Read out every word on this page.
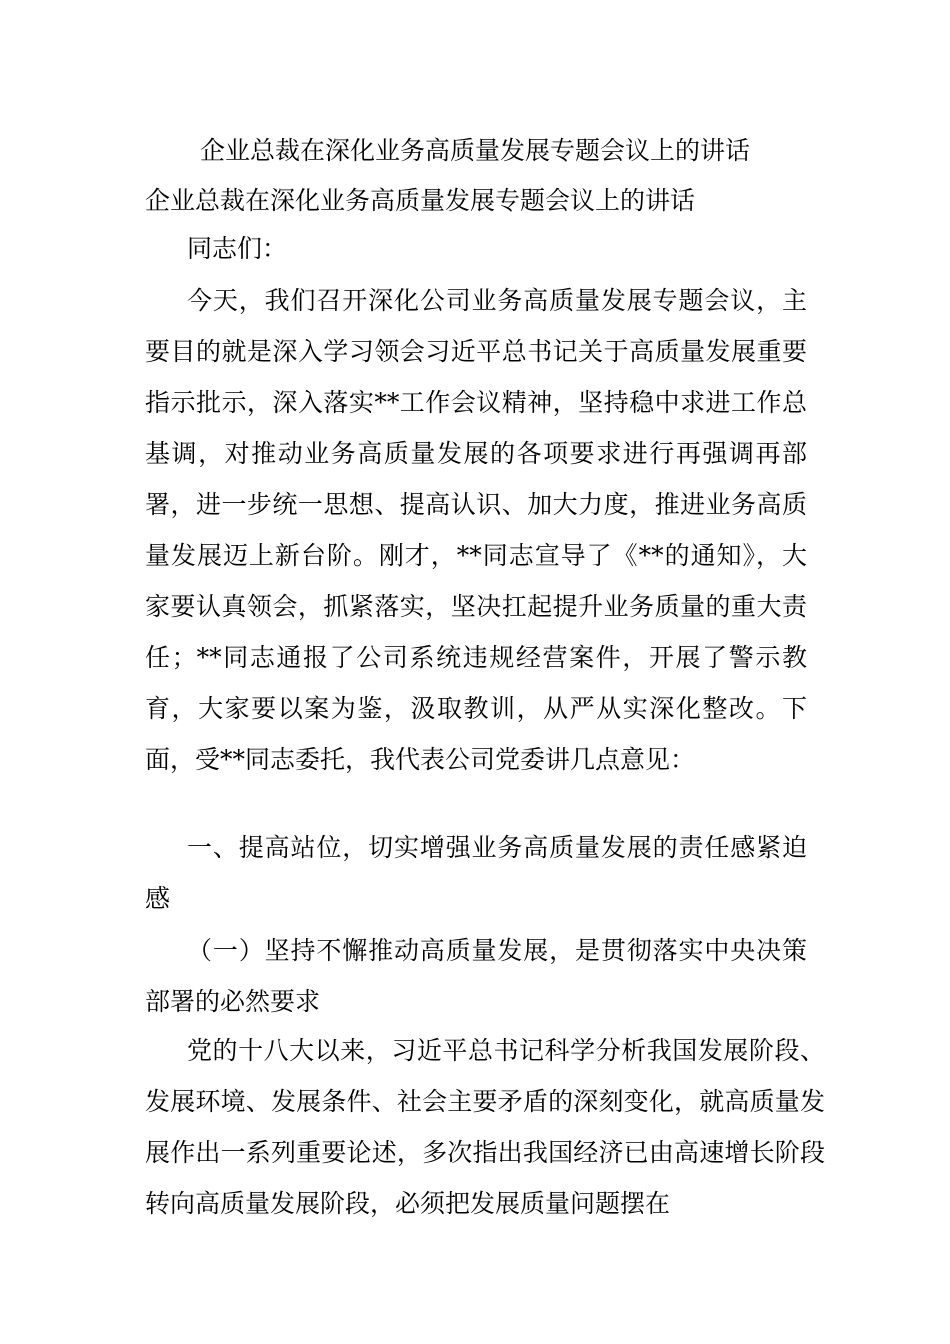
企业总裁在深化业务高质量发展专题会议上的讲话
企业总裁在深化业务高质量发展专题会议上的讲话
同志们：
今天，我们召开深化公司业务高质量发展专题会议，主要目的就是深入学习领会习近平总书记关于高质量发展重要指示批示，深入落实**工作会议精神，坚持稳中求进工作总基调，对推动业务高质量发展的各项要求进行再强调再部署，进一步统一思想、提高认识、加大力度，推进业务高质量发展迈上新台阶。刚才，**同志宣导了《**的通知》，大家要认真领会，抓紧落实，坚决扛起提升业务质量的重大责任；**同志通报了公司系统违规经营案件，开展了警示教育，大家要以案为鉴，汲取教训，从严从实深化整改。下面，受**同志委托，我代表公司党委讲几点意见：
一、提高站位，切实增强业务高质量发展的责任感紧迫感
（一）坚持不懈推动高质量发展，是贯彻落实中央决策部署的必然要求
党的十八大以来，习近平总书记科学分析我国发展阶段、发展环境、发展条件、社会主要矛盾的深刻变化，就高质量发展作出一系列重要论述，多次指出我国经济已由高速增长阶段转向高质量发展阶段，必须把发展质量问题摆在
